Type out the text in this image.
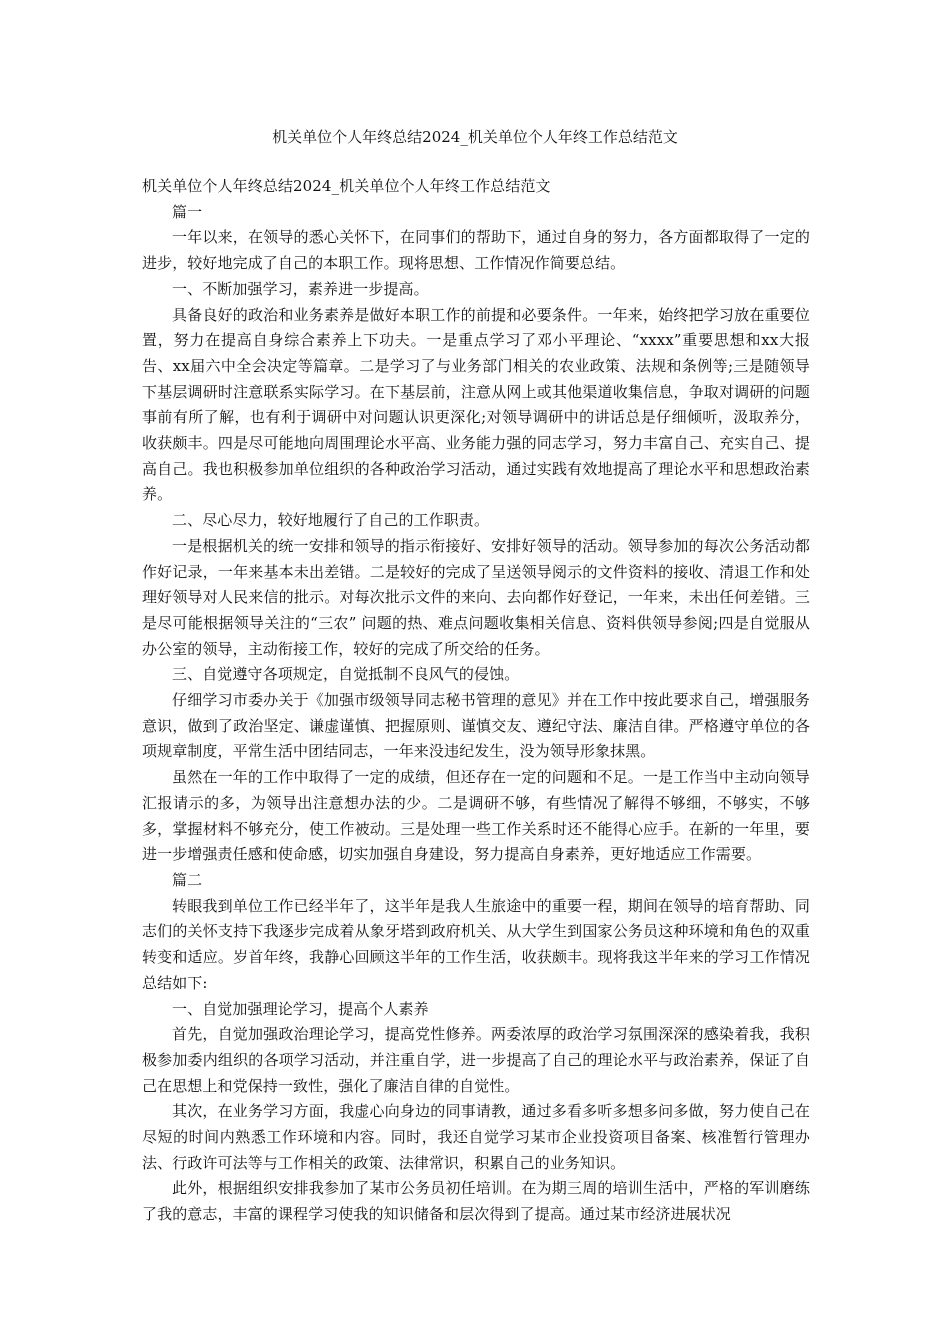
机关单位个人年终总结2024_机关单位个人年终工作总结范文

机关单位个人年终总结2024_机关单位个人年终工作总结范文

篇一

一年以来，在领导的悉心关怀下，在同事们的帮助下，通过自身的努力，各方面都取得了一定的进步，较好地完成了自己的本职工作。现将思想、工作情况作简要总结。

一、不断加强学习，素养进一步提高。

具备良好的政治和业务素养是做好本职工作的前提和必要条件。一年来，始终把学习放在重要位置，努力在提高自身综合素养上下功夫。一是重点学习了邓小平理论、“xxxx”重要思想和xx大报告、xx届六中全会决定等篇章。二是学习了与业务部门相关的农业政策、法规和条例等;三是随领导下基层调研时注意联系实际学习。在下基层前，注意从网上或其他渠道收集信息，争取对调研的问题事前有所了解，也有利于调研中对问题认识更深化;对领导调研中的讲话总是仔细倾听，汲取养分，收获颇丰。四是尽可能地向周围理论水平高、业务能力强的同志学习，努力丰富自己、充实自己、提高自己。我也积极参加单位组织的各种政治学习活动，通过实践有效地提高了理论水平和思想政治素养。

二、尽心尽力，较好地履行了自己的工作职责。

一是根据机关的统一安排和领导的指示衔接好、安排好领导的活动。领导参加的每次公务活动都作好记录，一年来基本未出差错。二是较好的完成了呈送领导阅示的文件资料的接收、清退工作和处理好领导对人民来信的批示。对每次批示文件的来向、去向都作好登记，一年来，未出任何差错。三是尽可能根据领导关注的“三农” 问题的热、难点问题收集相关信息、资料供领导参阅;四是自觉服从办公室的领导，主动衔接工作，较好的完成了所交给的任务。

三、自觉遵守各项规定，自觉抵制不良风气的侵蚀。

仔细学习市委办关于《加强市级领导同志秘书管理的意见》并在工作中按此要求自己，增强服务意识，做到了政治坚定、谦虚谨慎、把握原则、谨慎交友、遵纪守法、廉洁自律。严格遵守单位的各项规章制度，平常生活中团结同志，一年来没违纪发生，没为领导形象抹黑。

虽然在一年的工作中取得了一定的成绩，但还存在一定的问题和不足。一是工作当中主动向领导汇报请示的多，为领导出注意想办法的少。二是调研不够，有些情况了解得不够细，不够实，不够多，掌握材料不够充分，使工作被动。三是处理一些工作关系时还不能得心应手。在新的一年里，要进一步增强责任感和使命感，切实加强自身建设，努力提高自身素养，更好地适应工作需要。

篇二

转眼我到单位工作已经半年了，这半年是我人生旅途中的重要一程，期间在领导的培育帮助、同志们的关怀支持下我逐步完成着从象牙塔到政府机关、从大学生到国家公务员这种环境和角色的双重转变和适应。岁首年终，我静心回顾这半年的工作生活，收获颇丰。现将我这半年来的学习工作情况总结如下:

一、自觉加强理论学习，提高个人素养

首先，自觉加强政治理论学习，提高党性修养。两委浓厚的政治学习氛围深深的感染着我，我积极参加委内组织的各项学习活动，并注重自学，进一步提高了自己的理论水平与政治素养，保证了自己在思想上和党保持一致性，强化了廉洁自律的自觉性。

其次，在业务学习方面，我虚心向身边的同事请教，通过多看多听多想多问多做，努力使自己在尽短的时间内熟悉工作环境和内容。同时，我还自觉学习某市企业投资项目备案、核准暂行管理办法、行政许可法等与工作相关的政策、法律常识，积累自己的业务知识。

此外，根据组织安排我参加了某市公务员初任培训。在为期三周的培训生活中，严格的军训磨练了我的意志，丰富的课程学习使我的知识储备和层次得到了提高。通过某市经济进展状况
